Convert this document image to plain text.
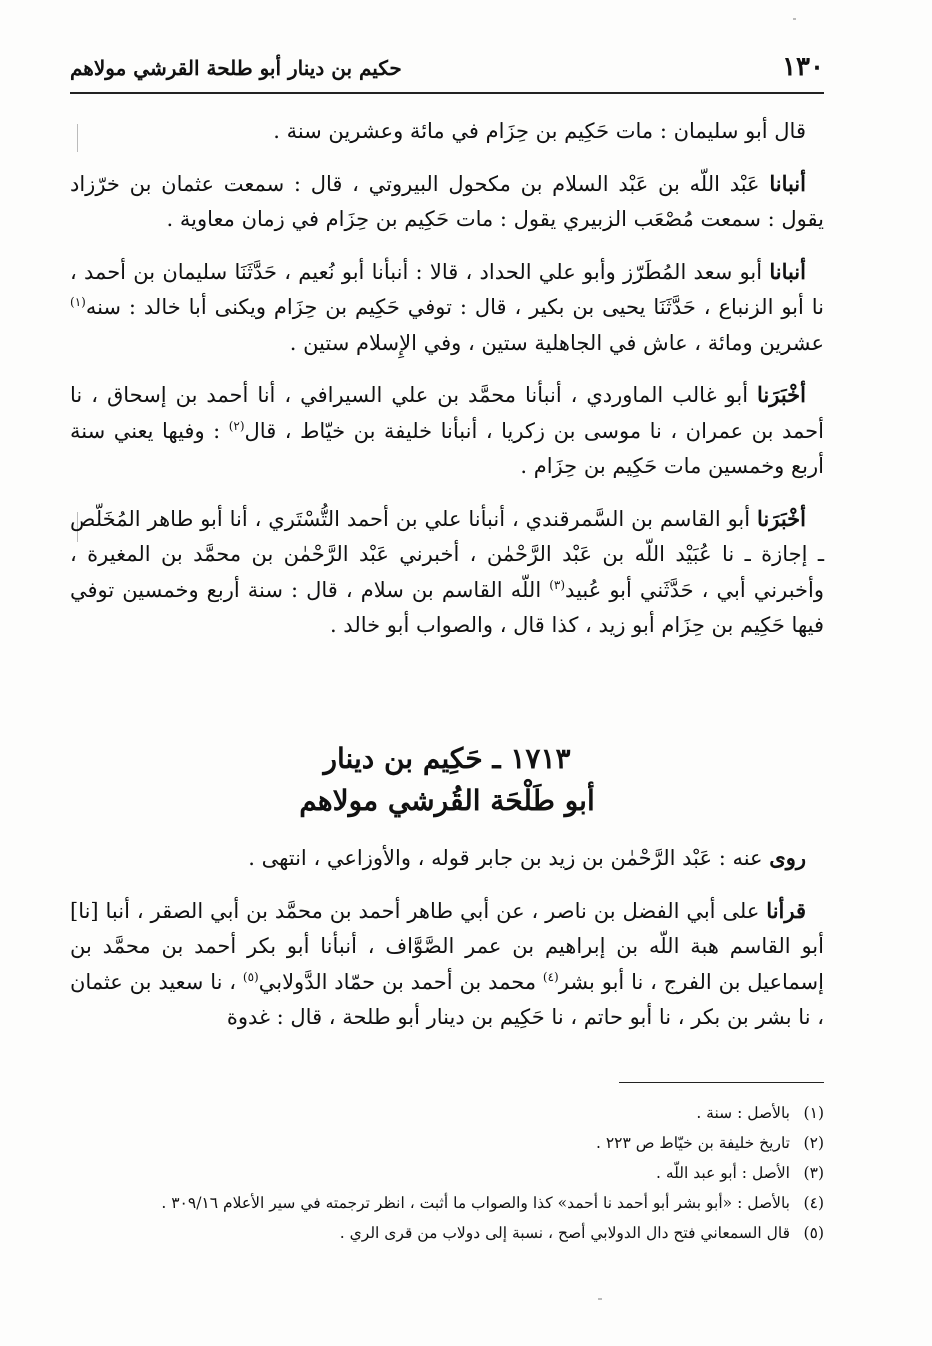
١٣٠
حكيم بن دينار أبو طلحة القرشي مولاهم

قال أبو سليمان : مات حَكِيم بن حِزَام في مائة وعشرين سنة .

أنبانا عَبْد اللّه بن عَبْد السلام بن مكحول البيروتي ، قال : سمعت عثمان بن خرّزاد يقول : سمعت مُصْعَب الزبيري يقول : مات حَكِيم بن حِزَام في زمان معاوية .

أنبانا أبو سعد المُطَرّز وأبو علي الحداد ، قالا : أنبأنا أبو نُعيم ، حَدَّثَنَا سليمان بن أحمد ، نا أبو الزنباع ، حَدَّثَنَا يحيى بن بكير ، قال : توفي حَكِيم بن حِزَام ويكنى أبا خالد : سنه$^{(١)}$ عشرين ومائة ، عاش في الجاهلية ستين ، وفي الإِسلام ستين .

أخْبَرَنا أبو غالب الماوردي ، أنبأنا محمَّد بن علي السيرافي ، أنا أحمد بن إسحاق ، نا أحمد بن عمران ، نا موسى بن زكريا ، أنبأنا خليفة بن خيّاط ، قال$^{(٢)}$ : وفيها يعني سنة أربع وخمسين مات حَكِيم بن حِزَام .

أخْبَرَنا أبو القاسم بن السَّمرقندي ، أنبأنا علي بن أحمد التُّسْتَري ، أنا أبو طاهر المُخَلّص ـ إجازة ـ نا عُبَيْد اللّه بن عَبْد الرَّحْمٰن ، أخبرني عَبْد الرَّحْمٰن بن محمَّد بن المغيرة ، وأخبرني أبي ، حَدَّثَني أبو عُبيد$^{(٣)}$ اللّه القاسم بن سلام ، قال : سنة أربع وخمسين توفي فيها حَكِيم بن حِزَام أبو زيد ، كذا قال ، والصواب أبو خالد .

١٧١٣ ـ حَكِيم بن دينار
أبو طَلْحَة القُرشي مولاهم

روى عنه : عَبْد الرَّحْمٰن بن زيد بن جابر قوله ، والأوزاعي ، انتهى .

قرأنا على أبي الفضل بن ناصر ، عن أبي طاهر أحمد بن محمَّد بن أبي الصقر ، أنبا [نا] أبو القاسم هبة اللّه بن إبراهيم بن عمر الصَّوَّاف ، أنبأنا أبو بكر أحمد بن محمَّد بن إسماعيل بن الفرج ، نا أبو بشر$^{(٤)}$ محمد بن أحمد بن حمّاد الدَّولابي$^{(٥)}$ ، نا سعيد بن عثمان ، نا بشر بن بكر ، نا أبو حاتم ، نا حَكِيم بن دينار أبو طلحة ، قال : غدوة

(١)بالأصل : سنة .
(٢)تاريخ خليفة بن خيّاط ص ٢٢٣ .
(٣)الأصل : أبو عبد اللّه .
(٤)بالأصل : «أبو بشر أبو أحمد نا أحمد» كذا والصواب ما أثبت ، انظر ترجمته في سير الأعلام ٣٠٩/١٦ .
(٥)قال السمعاني فتح دال الدولابي أصح ، نسبة إلى دولاب من قرى الري .
